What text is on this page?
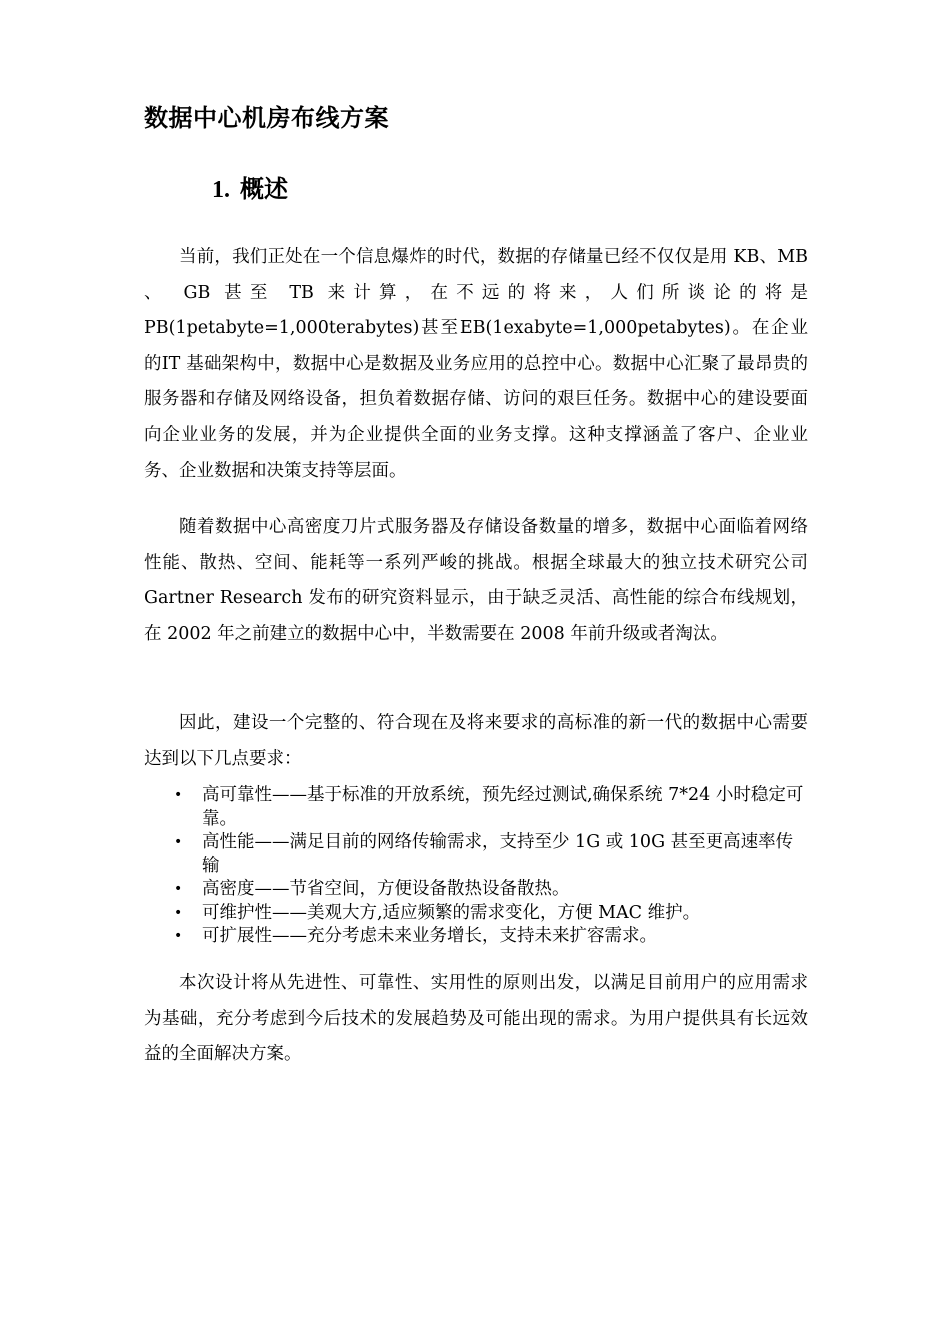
数据中心机房布线方案
1. 概述

当前，我们正处在一个信息爆炸的时代，数据的存储量已经不仅仅是用 KB、MB 、 GB 甚至 TB 来计算，在不远的将来，人们所谈论的将是PB(1petabyte=1,000terabytes)甚至EB(1exabyte=1,000petabytes)。在企业的IT 基础架构中，数据中心是数据及业务应用的总控中心。数据中心汇聚了最昂贵的服务器和存储及网络设备，担负着数据存储、访问的艰巨任务。数据中心的建设要面向企业业务的发展，并为企业提供全面的业务支撑。这种支撑涵盖了客户、企业业务、企业数据和决策支持等层面。

随着数据中心高密度刀片式服务器及存储设备数量的增多，数据中心面临着网络性能、散热、空间、能耗等一系列严峻的挑战。根据全球最大的独立技术研究公司 Gartner Research 发布的研究资料显示，由于缺乏灵活、高性能的综合布线规划，在 2002 年之前建立的数据中心中，半数需要在 2008 年前升级或者淘汰。

因此，建设一个完整的、符合现在及将来要求的高标准的新一代的数据中心需要达到以下几点要求：

•	高可靠性——基于标准的开放系统，预先经过测试,确保系统 7*24 小时稳定可靠。
•	高性能——满足目前的网络传输需求，支持至少 1G 或 10G 甚至更高速率传输
•	高密度——节省空间，方便设备散热设备散热。
•	可维护性——美观大方,适应频繁的需求变化，方便 MAC 维护。
•	可扩展性——充分考虑未来业务增长，支持未来扩容需求。

本次设计将从先进性、可靠性、实用性的原则出发，以满足目前用户的应用需求为基础，充分考虑到今后技术的发展趋势及可能出现的需求。为用户提供具有长远效益的全面解决方案。
